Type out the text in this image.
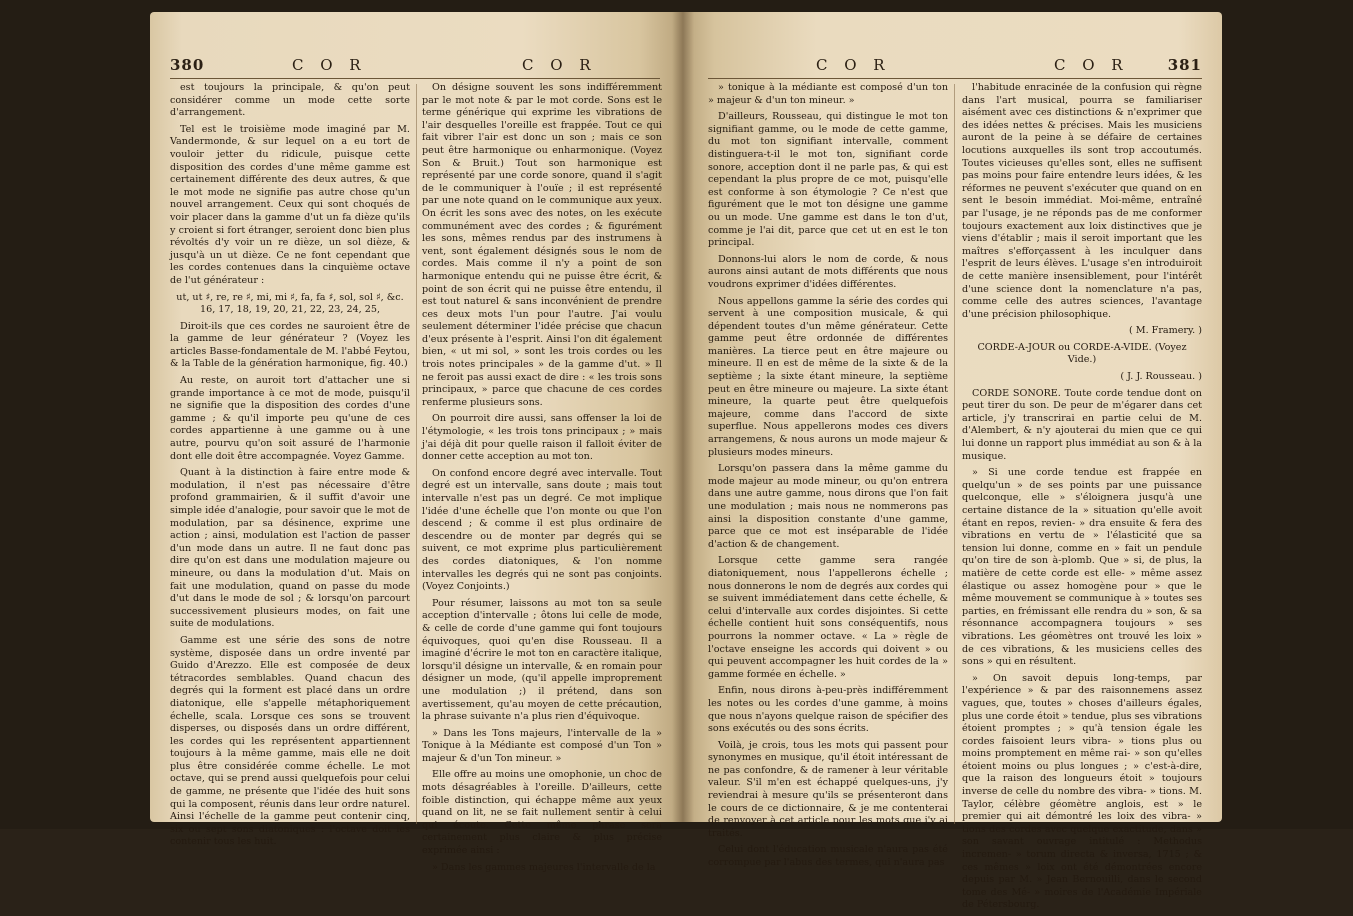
380	C O R	C O R

est toujours la principale, & qu'on peut considérer comme un mode cette sorte d'arrangement.

Tel est le troisième mode imaginé par M. Vandermonde, & sur lequel on a eu tort de vouloir jetter du ridicule, puisque cette disposition des cordes d'une même gamme est certainement différente des deux autres, & que le mot mode ne signifie pas autre chose qu'un nouvel arrangement. Ceux qui sont choqués de voir placer dans la gamme d'ut un fa dièze qu'ils y croient si fort étranger, seroient donc bien plus révoltés d'y voir un re dièze, un sol dièze, & jusqu'à un ut dièze. Ce ne font cependant que les cordes contenues dans la cinquième octave de l'ut générateur :

ut, ut ♯, re, re ♯, mi, mi ♯, fa, fa ♯, sol, sol ♯, &c. 16, 17, 18, 19, 20, 21, 22, 23, 24, 25,

Diroit-ils que ces cordes ne sauroient être de la gamme de leur générateur ? (Voyez les articles Basse-fondamentale de M. l'abbé Feytou, & la Table de la génération harmonique, fig. 40.)

Au reste, on auroit tort d'attacher une si grande importance à ce mot de mode, puisqu'il ne signifie que la disposition des cordes d'une gamme ; & qu'il importe peu qu'une de ces cordes appartienne à une gamme ou à une autre, pourvu qu'on soit assuré de l'harmonie dont elle doit être accompagnée. Voyez Gamme.

Quant à la distinction à faire entre mode & modulation, il n'est pas nécessaire d'être profond grammairien, & il suffit d'avoir une simple idée d'analogie, pour savoir que le mot de modulation, par sa désinence, exprime une action ; ainsi, modulation est l'action de passer d'un mode dans un autre. Il ne faut donc pas dire qu'on est dans une modulation majeure ou mineure, ou dans la modulation d'ut. Mais on fait une modulation, quand on passe du mode d'ut dans le mode de sol ; & lorsqu'on parcourt successivement plusieurs modes, on fait une suite de modulations.

Gamme est une série des sons de notre système, disposée dans un ordre inventé par Guido d'Arezzo. Elle est composée de deux tétracordes semblables. Quand chacun des degrés qui la forment est placé dans un ordre diatonique, elle s'appelle métaphoriquement échelle, scala. Lorsque ces sons se trouvent disperses, ou disposés dans un ordre différent, les cordes qui les représentent appartiennent toujours à la même gamme, mais elle ne doit plus être considérée comme échelle. Le mot octave, qui se prend aussi quelquefois pour celui de gamme, ne présente que l'idée des huit sons qui la composent, réunis dans leur ordre naturel. Ainsi l'échelle de la gamme peut contenir cinq, six ou sept sons diatoniques : l'octave doit les contenir tous les huit.

On désigne souvent les sons indifféremment par le mot note & par le mot corde. Sons est le terme générique qui exprime les vibrations de l'air desquelles l'oreille est frappée. Tout ce qui fait vibrer l'air est donc un son ; mais ce son peut être harmonique ou enharmonique. (Voyez Son & Bruit.) Tout son harmonique est représenté par une corde sonore, quand il s'agit de le communiquer à l'ouïe ; il est représenté par une note quand on le communique aux yeux. On écrit les sons avec des notes, on les exécute communément avec des cordes ; & figurément les sons, mêmes rendus par des instrumens à vent, sont également désignés sous le nom de cordes. Mais comme il n'y a point de son harmonique entendu qui ne puisse être écrit, & point de son écrit qui ne puisse être entendu, il est tout naturel & sans inconvénient de prendre ces deux mots l'un pour l'autre. J'ai voulu seulement déterminer l'idée précise que chacun d'eux présente à l'esprit. Ainsi l'on dit également bien, « ut mi sol, » sont les trois cordes ou les trois notes principales » de la gamme d'ut. » Il ne feroit pas aussi exact de dire : « les trois sons principaux, » parce que chacune de ces cordes renferme plusieurs sons.

On pourroit dire aussi, sans offenser la loi de l'étymologie, « les trois tons principaux ; » mais j'ai déjà dit pour quelle raison il falloit éviter de donner cette acception au mot ton.

On confond encore degré avec intervalle. Tout degré est un intervalle, sans doute ; mais tout intervalle n'est pas un degré. Ce mot implique l'idée d'une échelle que l'on monte ou que l'on descend ; & comme il est plus ordinaire de descendre ou de monter par degrés qui se suivent, ce mot exprime plus particulièrement des cordes diatoniques, & l'on nomme intervalles les degrés qui ne sont pas conjoints. (Voyez Conjoints.)

Pour résumer, laissons au mot ton sa seule acception d'intervalle ; ôtons lui celle de mode, & celle de corde d'une gamme qui font toujours équivoques, quoi qu'en dise Rousseau. Il a imaginé d'écrire le mot ton en caractère italique, lorsqu'il désigne un intervalle, & en romain pour désigner un mode, (qu'il appelle improprement une modulation ;) il prétend, dans son avertissement, qu'au moyen de cette précaution, la phrase suivante n'a plus rien d'équivoque.

» Dans les Tons majeurs, l'intervalle de la » Tonique à la Médiante est composé d'un Ton » majeur & d'un Ton mineur. »

Elle offre au moins une omophonie, un choc de mots désagréables à l'oreille. D'ailleurs, cette foible distinction, qui échappe même aux yeux quand on lit, ne se fait nullement sentir à celui qui écoute. Cette même phrase sera certainement plus claire & plus précise exprimée ainsi :

» Dans les gammes majeures l'intervalle de la

C O R	C O R	381

» tonique à la médiante est composé d'un ton » majeur & d'un ton mineur. »

D'ailleurs, Rousseau, qui distingue le mot ton signifiant gamme, ou le mode de cette gamme, du mot ton signifiant intervalle, comment distinguera-t-il le mot ton, signifiant corde sonore, acception dont il ne parle pas, & qui est cependant la plus propre de ce mot, puisqu'elle est conforme à son étymologie ? Ce n'est que figurément que le mot ton désigne une gamme ou un mode. Une gamme est dans le ton d'ut, comme je l'ai dit, parce que cet ut en est le ton principal.

Donnons-lui alors le nom de corde, & nous aurons ainsi autant de mots différents que nous voudrons exprimer d'idées différentes.

Nous appellons gamme la série des cordes qui servent à une composition musicale, & qui dépendent toutes d'un même générateur. Cette gamme peut être ordonnée de différentes manières. La tierce peut en être majeure ou mineure. Il en est de même de la sixte & de la septième ; la sixte étant mineure, la septième peut en être mineure ou majeure. La sixte étant mineure, la quarte peut être quelquefois majeure, comme dans l'accord de sixte superflue. Nous appellerons modes ces divers arrangemens, & nous aurons un mode majeur & plusieurs modes mineurs.

Lorsqu'on passera dans la même gamme du mode majeur au mode mineur, ou qu'on entrera dans une autre gamme, nous dirons que l'on fait une modulation ; mais nous ne nommerons pas ainsi la disposition constante d'une gamme, parce que ce mot est inséparable de l'idée d'action & de changement.

Lorsque cette gamme sera rangée diatoniquement, nous l'appellerons échelle ; nous donnerons le nom de degrés aux cordes qui se suivent immédiatement dans cette échelle, & celui d'intervalle aux cordes disjointes. Si cette échelle contient huit sons conséquentifs, nous pourrons la nommer octave. « La » règle de l'octave enseigne les accords qui doivent » ou qui peuvent accompagner les huit cordes de la » gamme formée en échelle. »

Enfin, nous dirons à-peu-près indifféremment les notes ou les cordes d'une gamme, à moins que nous n'ayons quelque raison de spécifier des sons exécutés ou des sons écrits.

Voilà, je crois, tous les mots qui passent pour synonymes en musique, qu'il étoit intéressant de ne pas confondre, & de ramener à leur véritable valeur. S'il m'en est échappé quelques-uns, j'y reviendrai à mesure qu'ils se présenteront dans le cours de ce dictionnaire, & je me contenterai de renvoyer à cet article pour les mots que j'y ai traités.

Celui dont l'éducation musicale n'aura pas été corrompue par l'abus des termes, qui n'aura pas

l'habitude enracinée de la confusion qui règne dans l'art musical, pourra se familiariser aisément avec ces distinctions & n'exprimer que des idées nettes & précises. Mais les musiciens auront de la peine à se défaire de certaines locutions auxquelles ils sont trop accoutumés. Toutes vicieuses qu'elles sont, elles ne suffisent pas moins pour faire entendre leurs idées, & les réformes ne peuvent s'exécuter que quand on en sent le besoin immédiat. Moi-même, entraîné par l'usage, je ne réponds pas de me conformer toujours exactement aux loix distinctives que je viens d'établir ; mais il seroit important que les maîtres s'efforçassent à les inculquer dans l'esprit de leurs élèves. L'usage s'en introduiroit de cette manière insensiblement, pour l'intérêt d'une science dont la nomenclature n'a pas, comme celle des autres sciences, l'avantage d'une précision philosophique.

( M. Framery. )

CORDE-A-JOUR ou CORDE-A-VIDE. (Voyez Vide.)

( J. J. Rousseau. )

CORDE SONORE. Toute corde tendue dont on peut tirer du son. De peur de m'égarer dans cet article, j'y transcrirai en partie celui de M. d'Alembert, & n'y ajouterai du mien que ce qui lui donne un rapport plus immédiat au son & à la musique.

» Si une corde tendue est frappée en quelqu'un » de ses points par une puissance quelconque, elle » s'éloignera jusqu'à une certaine distance de la » situation qu'elle avoit étant en repos, revien- » dra ensuite & fera des vibrations en vertu de » l'élasticité que sa tension lui donne, comme en » fait un pendule qu'on tire de son à-plomb. Que » si, de plus, la matière de cette corde est elle- » même assez élastique ou assez homogène pour » que le même mouvement se communique à » toutes ses parties, en frémissant elle rendra du » son, & sa résonnance accompagnera toujours » ses vibrations. Les géomètres ont trouvé les loix » de ces vibrations, & les musiciens celles des sons » qui en résultent.

» On savoit depuis long-temps, par l'expérience » & par des raisonnemens assez vagues, que, toutes » choses d'ailleurs égales, plus une corde étoit » tendue, plus ses vibrations étoient promptes ; » qu'à tension égale les cordes faisoient leurs vibra- » tions plus ou moins promptement en même rai- » son qu'elles étoient moins ou plus longues ; » c'est-à-dire, que la raison des longueurs étoit » toujours inverse de celle du nombre des vibra- » tions. M. Taylor, célèbre géomètre anglois, est » le premier qui ait démontré les loix des vibra- » tions des cordes avec quelque exactitude, dans » son savant ouvrage intitulé : Methodus incremen- » torum directa & inversa, 1715 ; & ces mêmes » loix ont été démontrées encore depuis par M. » Jean Bernouilli, dans le second tome des Mé- » moires de l'Académie Impériale de Pétersbourg.
